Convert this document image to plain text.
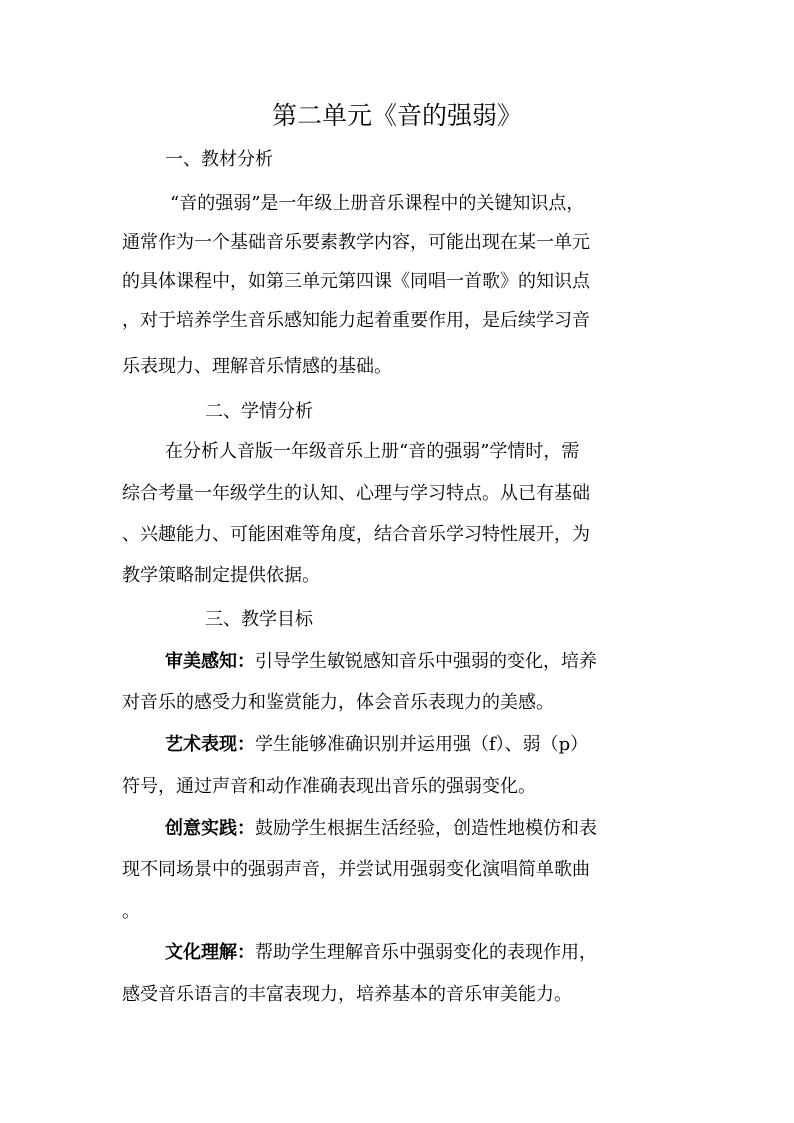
第二单元《音的强弱》
一、教材分析
“音的强弱”是一年级上册音乐课程中的关键知识点，
通常作为一个基础音乐要素教学内容，可能出现在某一单元
的具体课程中，如第三单元第四课《同唱一首歌》的知识点
，对于培养学生音乐感知能力起着重要作用，是后续学习音
乐表现力、理解音乐情感的基础。
二、学情分析
在分析人音版一年级音乐上册“音的强弱”学情时，需
综合考量一年级学生的认知、心理与学习特点。从已有基础
、兴趣能力、可能困难等角度，结合音乐学习特性展开，为
教学策略制定提供依据。
三、教学目标
审美感知：引导学生敏锐感知音乐中强弱的变化，培养
对音乐的感受力和鉴赏能力，体会音乐表现力的美感。
艺术表现：学生能够准确识别并运用强（f）、弱（p）
符号，通过声音和动作准确表现出音乐的强弱变化。
创意实践：鼓励学生根据生活经验，创造性地模仿和表
现不同场景中的强弱声音，并尝试用强弱变化演唱简单歌曲
。
文化理解：帮助学生理解音乐中强弱变化的表现作用，
感受音乐语言的丰富表现力，培养基本的音乐审美能力。
